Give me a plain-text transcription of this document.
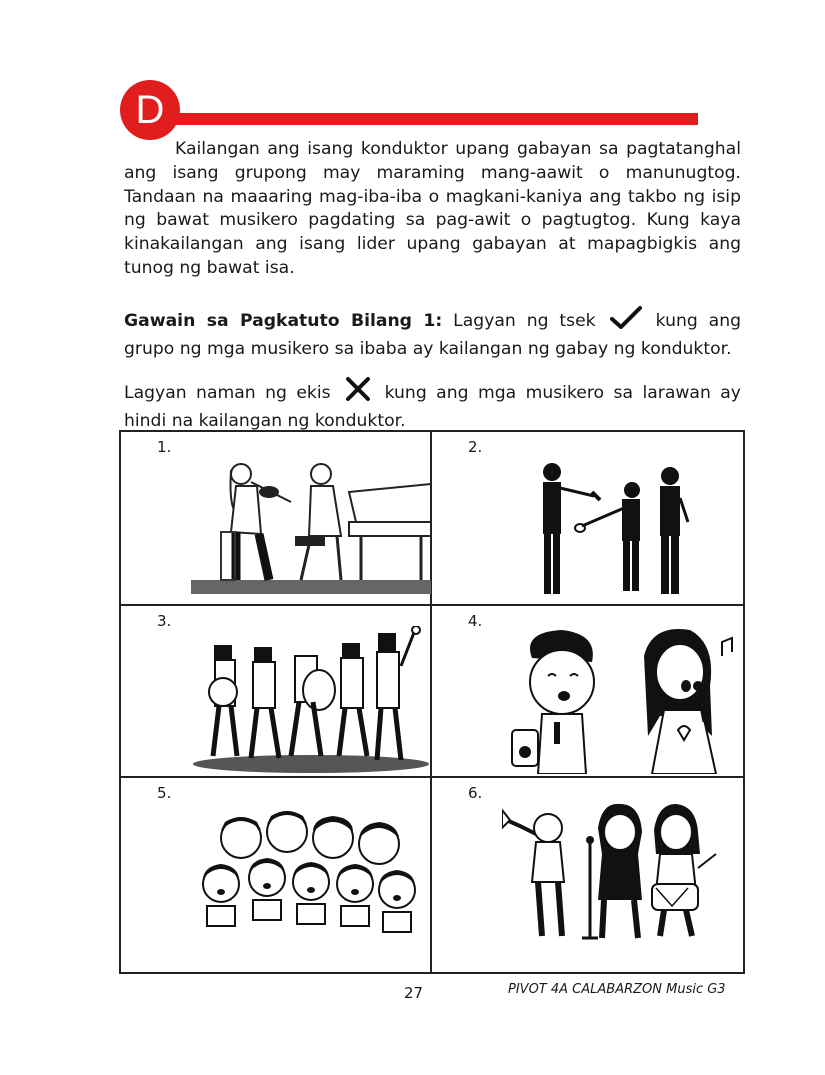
D

Kailangan ang isang konduktor upang gabayan sa pagtatanghal ang isang grupong may maraming mang-aawit o manunugtog. Tandaan na maaaring mag-iba-iba o magkani-kaniya ang takbo ng isip ng bawat musikero pagdating sa pag-awit o pagtugtog. Kung kaya kinakailangan ang isang lider upang gabayan at mapagbigkis ang tunog ng bawat isa.

Gawain sa Pagkatuto Bilang 1: Lagyan ng tsek	kung ang grupo ng mga musikero sa ibaba ay kailangan ng gabay ng konduktor.

Lagyan naman ng ekis	kung ang mga musikero sa larawan ay hindi na kailangan ng konduktor.

1.	2.
3.	4.
5.	6.
27	PIVOT 4A CALABARZON Music G3
